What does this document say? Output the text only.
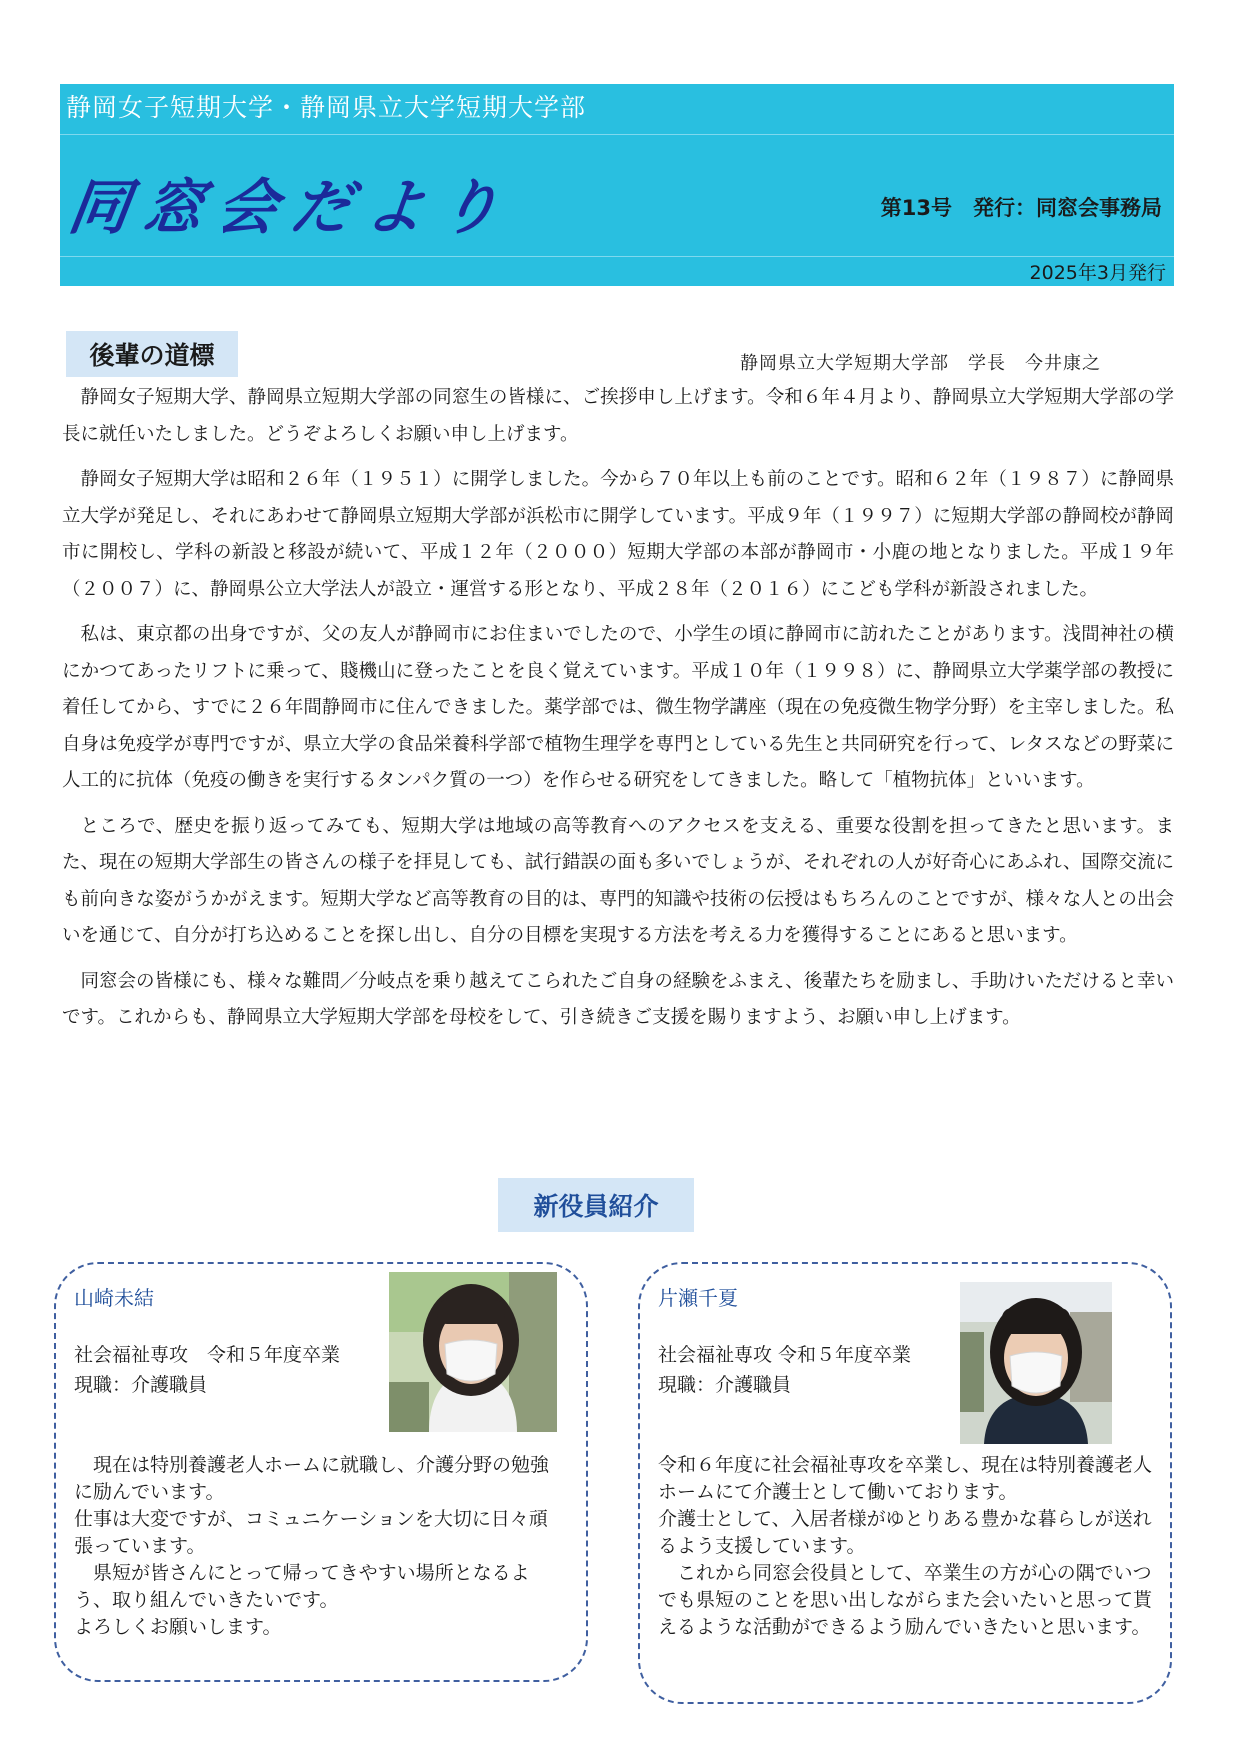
静岡女子短期大学・静岡県立大学短期大学部
同窓会だより	第13号　発行：同窓会事務局
2025年3月発行
後輩の道標	静岡県立大学短期大学部　学長　今井康之

静岡女子短期大学、静岡県立短期大学部の同窓生の皆様に、ご挨拶申し上げます。令和６年４月より、静岡県立大学短期大学部の学長に就任いたしました。どうぞよろしくお願い申し上げます。

静岡女子短期大学は昭和２６年（１９５１）に開学しました。今から７０年以上も前のことです。昭和６２年（１９８７）に静岡県立大学が発足し、それにあわせて静岡県立短期大学部が浜松市に開学しています。平成９年（１９９７）に短期大学部の静岡校が静岡市に開校し、学科の新設と移設が続いて、平成１２年（２０００）短期大学部の本部が静岡市・小鹿の地となりました。平成１９年（２００７）に、静岡県公立大学法人が設立・運営する形となり、平成２８年（２０１６）にこども学科が新設されました。

私は、東京都の出身ですが、父の友人が静岡市にお住まいでしたので、小学生の頃に静岡市に訪れたことがあります。浅間神社の横にかつてあったリフトに乗って、賤機山に登ったことを良く覚えています。平成１０年（１９９８）に、静岡県立大学薬学部の教授に着任してから、すでに２６年間静岡市に住んできました。薬学部では、微生物学講座（現在の免疫微生物学分野）を主宰しました。私自身は免疫学が専門ですが、県立大学の食品栄養科学部で植物生理学を専門としている先生と共同研究を行って、レタスなどの野菜に人工的に抗体（免疫の働きを実行するタンパク質の一つ）を作らせる研究をしてきました。略して「植物抗体」といいます。

ところで、歴史を振り返ってみても、短期大学は地域の高等教育へのアクセスを支える、重要な役割を担ってきたと思います。また、現在の短期大学部生の皆さんの様子を拝見しても、試行錯誤の面も多いでしょうが、それぞれの人が好奇心にあふれ、国際交流にも前向きな姿がうかがえます。短期大学など高等教育の目的は、専門的知識や技術の伝授はもちろんのことですが、様々な人との出会いを通じて、自分が打ち込めることを探し出し、自分の目標を実現する方法を考える力を獲得することにあると思います。

同窓会の皆様にも、様々な難問／分岐点を乗り越えてこられたご自身の経験をふまえ、後輩たちを励まし、手助けいただけると幸いです。これからも、静岡県立大学短期大学部を母校をして、引き続きご支援を賜りますよう、お願い申し上げます。

新役員紹介
山崎未結
社会福祉専攻　令和５年度卒業
現職：介護職員
　現在は特別養護老人ホームに就職し、介護分野の勉強に励んでいます。
仕事は大変ですが、コミュニケーションを大切に日々頑張っています。
　県短が皆さんにとって帰ってきやすい場所となるよう、取り組んでいきたいです。
よろしくお願いします。
片瀬千夏
社会福祉専攻 令和５年度卒業
現職：介護職員
令和６年度に社会福祉専攻を卒業し、現在は特別養護老人ホームにて介護士として働いております。
介護士として、入居者様がゆとりある豊かな暮らしが送れるよう支援しています。
　これから同窓会役員として、卒業生の方が心の隅でいつでも県短のことを思い出しながらまた会いたいと思って貰えるような活動ができるよう励んでいきたいと思います。
